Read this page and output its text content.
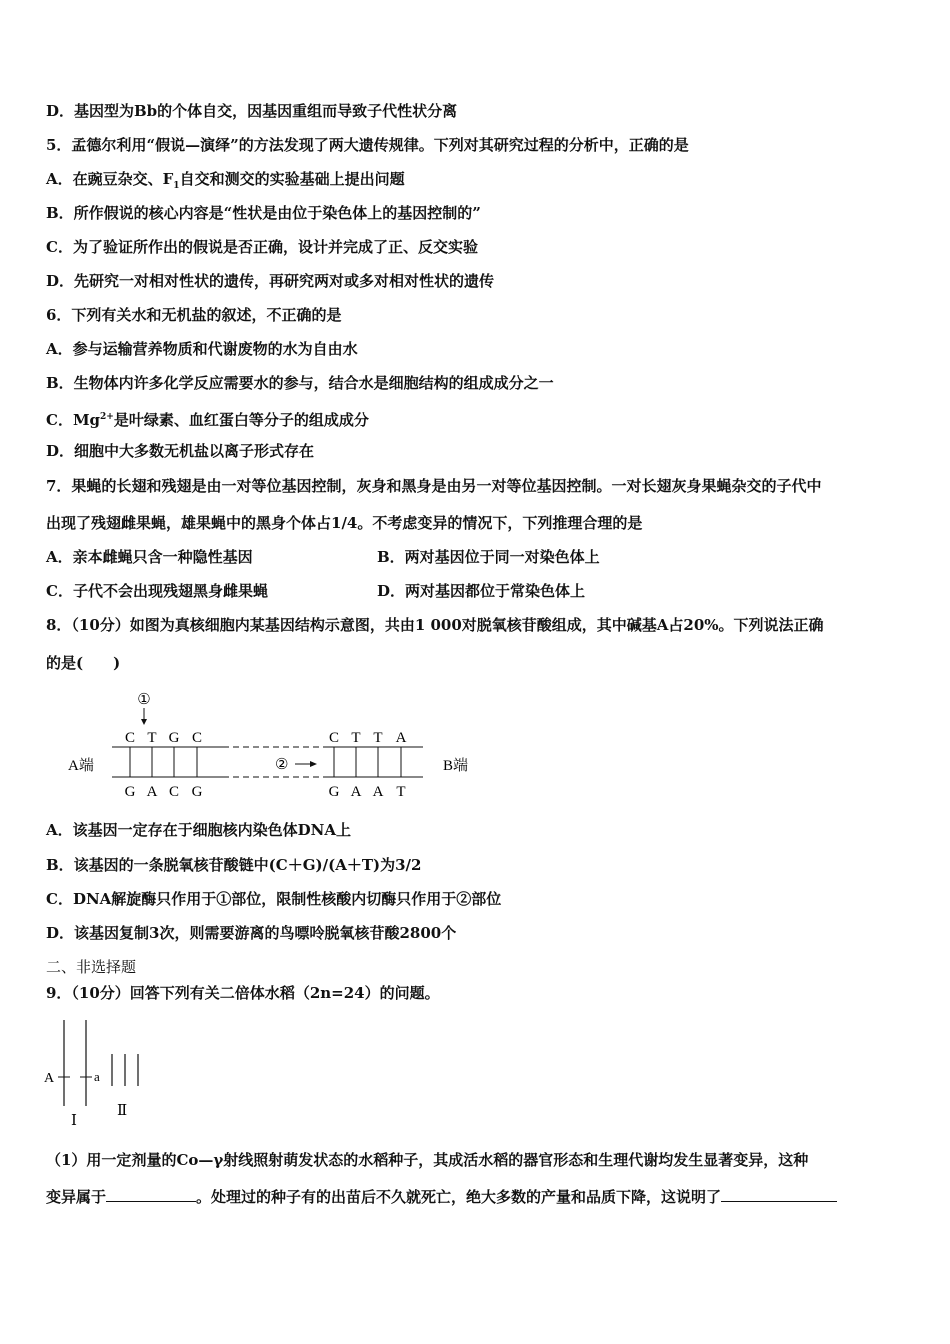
D．基因型为Bb的个体自交，因基因重组而导致子代性状分离
5．孟德尔利用“假说—演绎”的方法发现了两大遗传规律。下列对其研究过程的分析中，正确的是
A．在豌豆杂交、$F_1$自交和测交的实验基础上提出问题
B．所作假说的核心内容是“性状是由位于染色体上的基因控制的”
C．为了验证所作出的假说是否正确，设计并完成了正、反交实验
D．先研究一对相对性状的遗传，再研究两对或多对相对性状的遗传
6．下列有关水和无机盐的叙述，不正确的是
A．参与运输营养物质和代谢废物的水为自由水
B．生物体内许多化学反应需要水的参与，结合水是细胞结构的组成成分之一
C．$Mg^{2+}$是叶绿素、血红蛋白等分子的组成成分
D．细胞中大多数无机盐以离子形式存在
7．果蝇的长翅和残翅是由一对等位基因控制，灰身和黑身是由另一对等位基因控制。一对长翅灰身果蝇杂交的子代中
出现了残翅雌果蝇，雄果蝇中的黑身个体占1/4。不考虑变异的情况下，下列推理合理的是
A．亲本雌蝇只含一种隐性基因	B．两对基因位于同一对染色体上
C．子代不会出现残翅黑身雌果蝇	D．两对基因都位于常染色体上
8．（10分）如图为真核细胞内某基因结构示意图，共由1 000对脱氧核苷酸组成，其中碱基A占20%。下列说法正确
的是(　　)
①
C T G C	C T T A
A端	B端
②
G A C G	G A A T
A．该基因一定存在于细胞核内染色体DNA上
B．该基因的一条脱氧核苷酸链中(C＋G)/(A＋T)为3/2
C．DNA解旋酶只作用于①部位，限制性核酸内切酶只作用于②部位
D．该基因复制3次，则需要游离的鸟嘌呤脱氧核苷酸2800个
二、非选择题
9．（10分）回答下列有关二倍体水稻（2n=24）的问题。
A	a
Ⅰ
Ⅱ
（1）用一定剂量的Co—γ射线照射萌发状态的水稻种子，其成活水稻的器官形态和生理代谢均发生显著变异，这种
变异属于	。处理过的种子有的出苗后不久就死亡，绝大多数的产量和品质下降，这说明了
